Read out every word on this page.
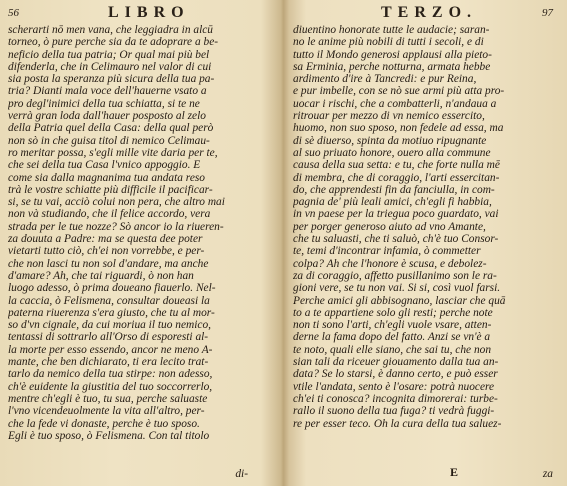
56	LIBRO
scherarti nō men vana, che leggiadra in alcū
torneo, ò pure perche sia da te adoprare a be-
neficio della tua patria; Or qual mai più bel
difenderla, che in Celimauro nel valor di cui
sia posta la speranza più sicura della tua pa-
tria? Dianti mala voce dell'hauerne vsato a
pro degl'inimici della tua schiatta, si te ne
verrà gran loda dall'hauer posposto al zelo
della Patria quel della Casa: della qual però
non sò in che guisa titol di nemico Celimau-
ro meritar possa, s'egli mille vite daria per te,
che sei della tua Casa l'vnico appoggio. E
come sia dalla magnanima tua andata reso
trà le vostre schiatte più difficile il pacificar-
si, se tu vai, acciò colui non pera, che altro mai
non và studiando, che il felice accordo, vera
strada per le tue nozze? Sò ancor io la riueren-
za douuta a Padre: ma se questa dee poter
vietarti tutto ciò, ch'ei non vorrebbe, e per-
che non lasci tu non sol d'andare, ma anche
d'amare? Ah, che tai riguardi, ò non han
luogo adesso, ò prima doueano fiauerlo. Nel-
la caccia, ò Felismena, consultar doueasi la
paterna riuerenza s'era giusto, che tu al mor-
so d'vn cignale, da cui moriua il tuo nemico,
tentassi di sottrarlo all'Orso di esporesti al-
la morte per esso essendo, ancor ne meno A-
mante, che ben dichiarato, ti era lecito trat-
tarlo da nemico della tua stirpe: non adesso,
ch'è euidente la giustitia del tuo soccorrerlo,
mentre ch'egli è tuo, tu sua, perche saluaste
l'vno vicendeuolmente la vita all'altro, per-
che la fede vi donaste, perche è tuo sposo.
Egli è tuo sposo, ò Felismena. Con tal titolo
di-
TERZO.	97
diuentino honorate tutte le audacie; saran-
no le anime più nobili di tutti i secoli, e di
tutto il Mondo generosi applausi alla pieto-
sa Erminia, perche notturna, armata hebbe
ardimento d'ire à Tancredi: e pur Reina,
e pur imbelle, con se nò sue armi più atta pro-
uocar i rischi, che a combatterli, n'andaua a
ritrouar per mezzo di vn nemico essercito,
huomo, non suo sposo, non fedele ad essa, ma
di sè diuerso, spinta da motiuo ripugnante
al suo priuato honore, ouero alla commune
causa della sua setta: e tu, che forte nulla mē
di membra, che di coraggio, l'arti essercitan-
do, che apprendesti fin da fanciulla, in com-
pagnia de' più leali amici, ch'egli fi habbia,
in vn paese per la triegua poco guardato, vai
per porger generoso aiuto ad vno Amante,
che tu saluasti, che ti saluò, ch'è tuo Consor-
te, temi d'incontrar infamia, ò commetter
colpa? Ah che l'honore è scusa, e debolez-
za di coraggio, affetto pusillanimo son le ra-
gioni vere, se tu non vai. Si si, così vuol farsi.
Perche amici gli abbisognano, lasciar che quā
to a te appartiene solo gli resti; perche note
non ti sono l'arti, ch'egli vuole vsare, atten-
derne la fama dopo del fatto. Anzi se vn'è a
te noto, quali elle siano, che sai tu, che non
sian tali da riceuer giouamento dalla tua an-
data? Se lo starsi, è danno certo, e può esser
vtile l'andata, sento è l'osare: potrà nuocere
ch'ei ti conosca? incognita dimorerai: turbe-
rallo il suono della tua fuga? ti vedrà fuggi-
re per esser teco. Oh la cura della tua saluez-
E	za
